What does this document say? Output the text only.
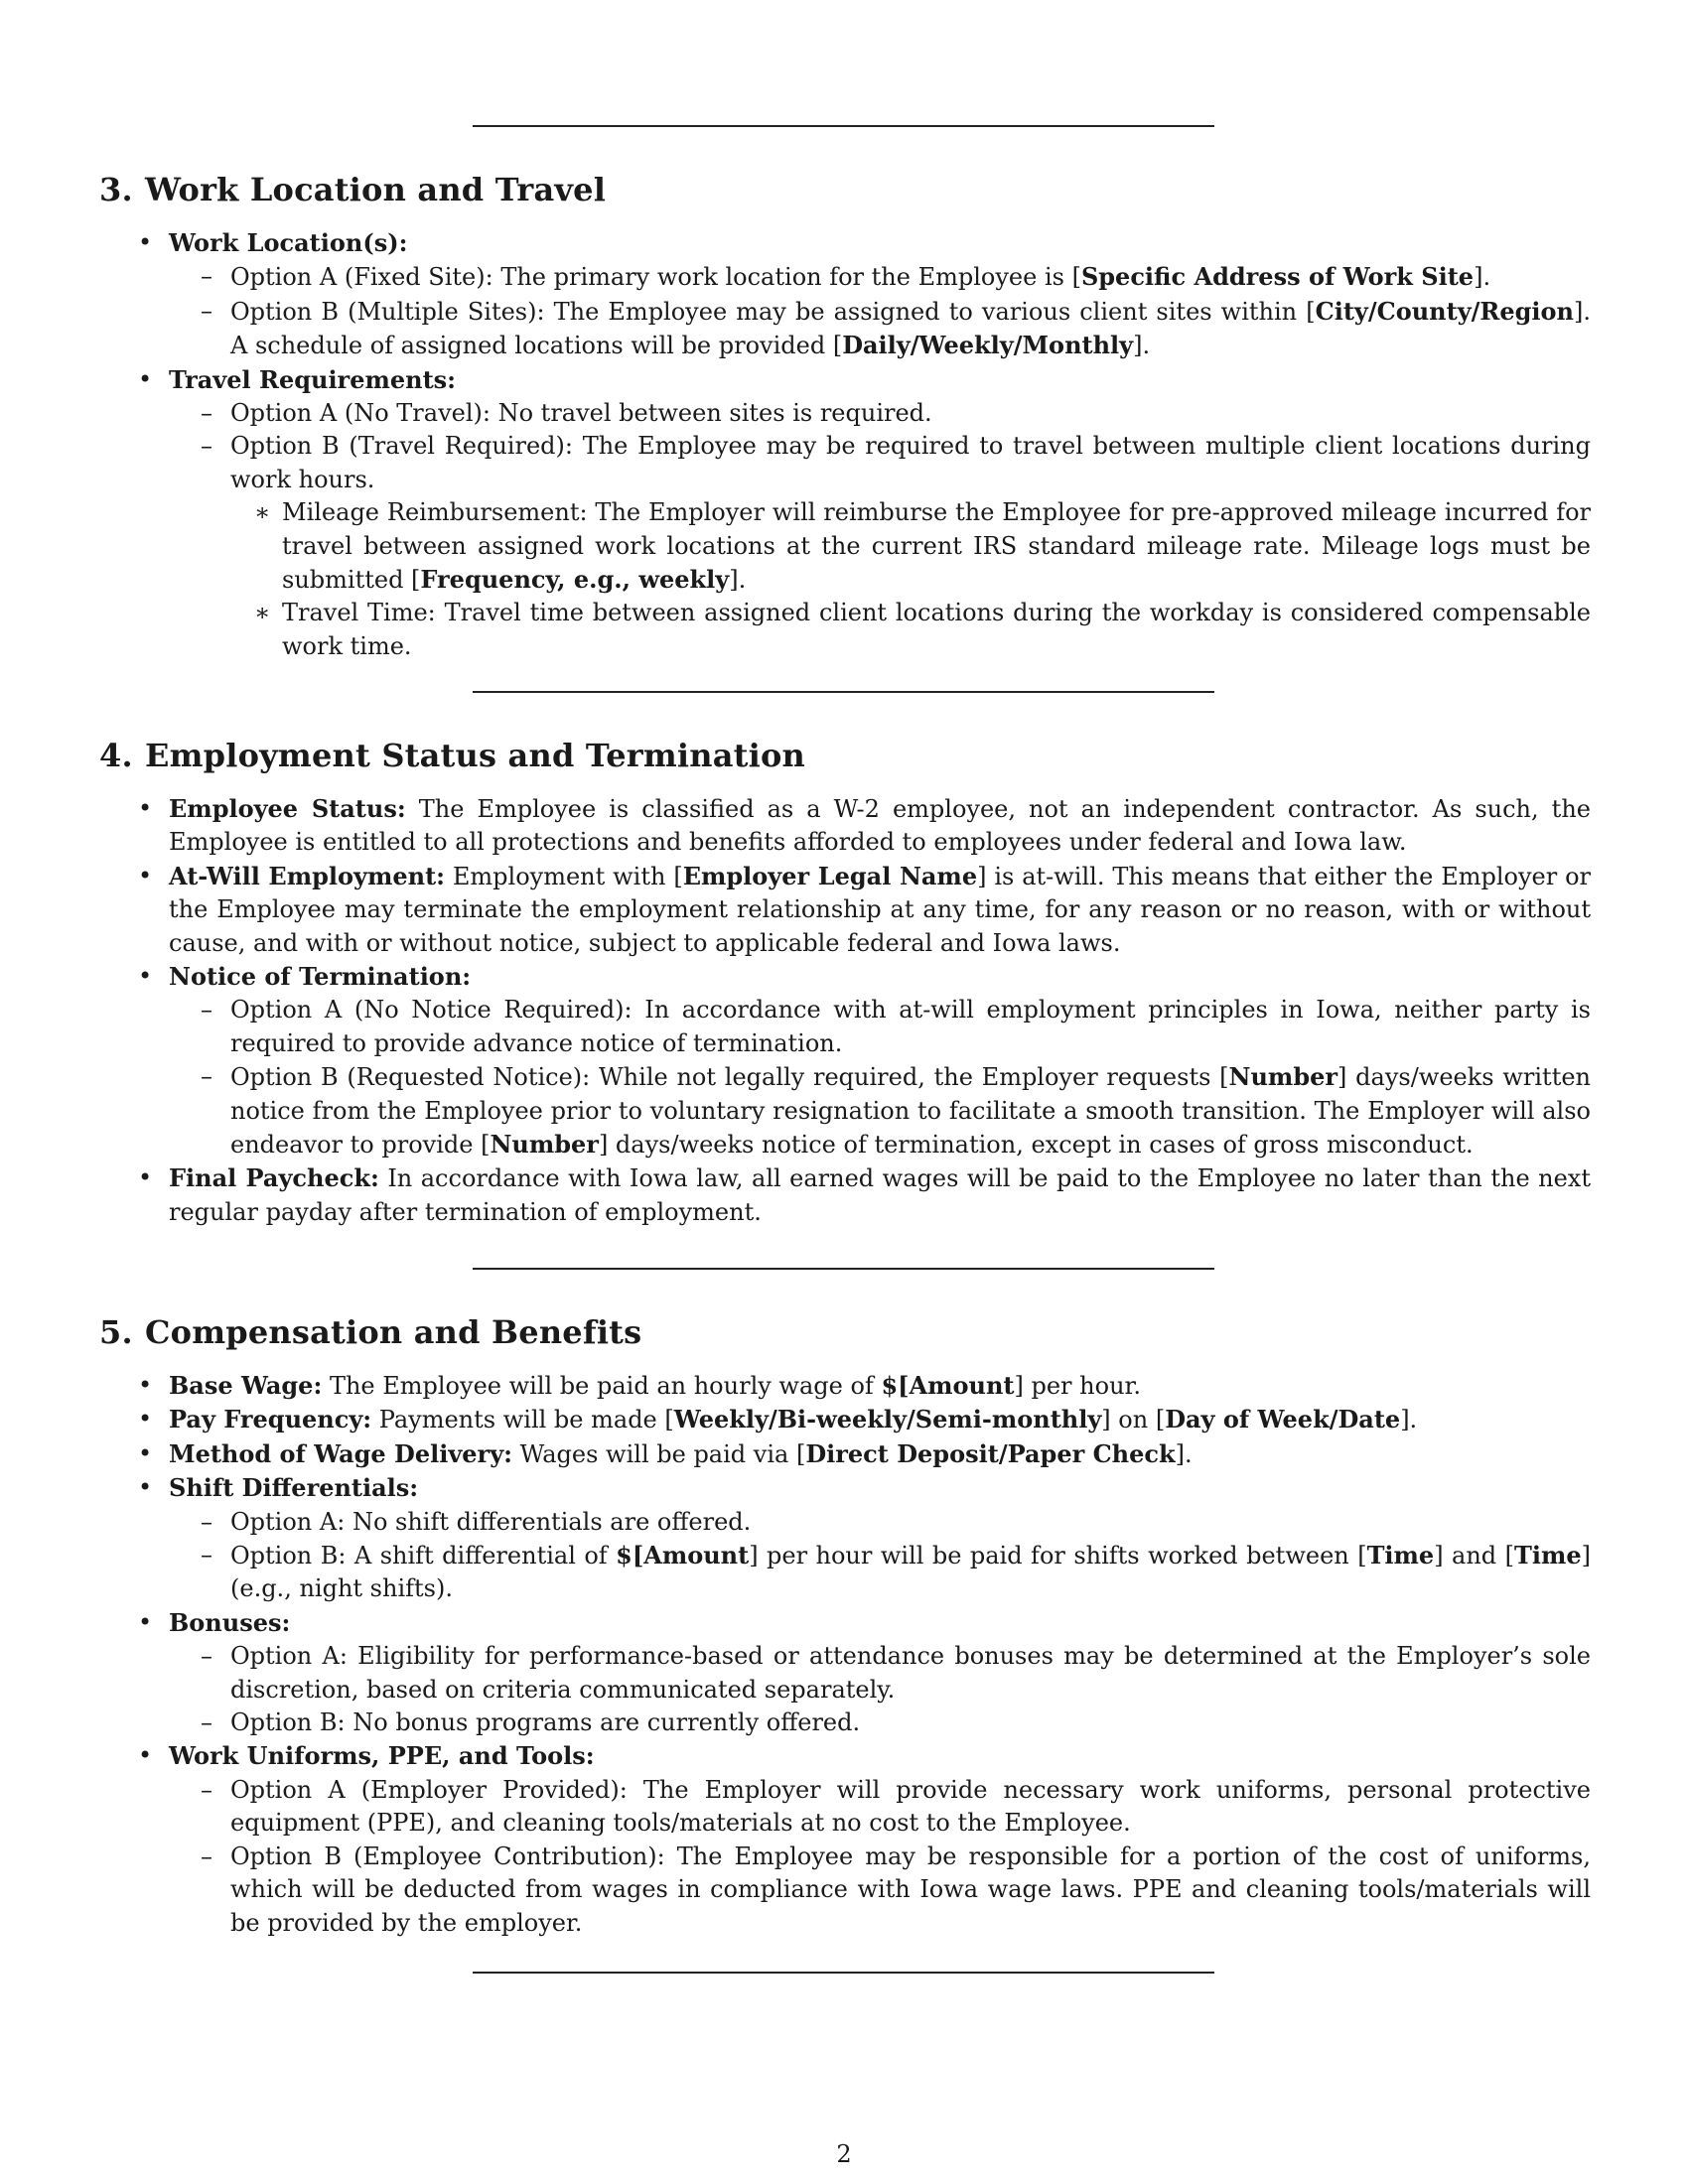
3. Work Location and Travel
• Work Location(s):
– Option A (Fixed Site): The primary work location for the Employee is [Specific Address of Work Site].
– Option B (Multiple Sites): The Employee may be assigned to various client sites within [City/County/Region]. A schedule of assigned locations will be provided [Daily/Weekly/Monthly].
• Travel Requirements:
– Option A (No Travel): No travel between sites is required.
– Option B (Travel Required): The Employee may be required to travel between multiple client locations during work hours.
∗ Mileage Reimbursement: The Employer will reimburse the Employee for pre-approved mileage incurred for travel between assigned work locations at the current IRS standard mileage rate. Mileage logs must be submitted [Frequency, e.g., weekly].
∗ Travel Time: Travel time between assigned client locations during the workday is considered compensable work time.
4. Employment Status and Termination
• Employee Status: The Employee is classified as a W-2 employee, not an independent contractor. As such, the Employee is entitled to all protections and benefits afforded to employees under federal and Iowa law.
• At-Will Employment: Employment with [Employer Legal Name] is at-will. This means that either the Employer or the Employee may terminate the employment relationship at any time, for any reason or no reason, with or without cause, and with or without notice, subject to applicable federal and Iowa laws.
• Notice of Termination:
– Option A (No Notice Required): In accordance with at-will employment principles in Iowa, neither party is required to provide advance notice of termination.
– Option B (Requested Notice): While not legally required, the Employer requests [Number] days/weeks written notice from the Employee prior to voluntary resignation to facilitate a smooth transition. The Employer will also endeavor to provide [Number] days/weeks notice of termination, except in cases of gross misconduct.
• Final Paycheck: In accordance with Iowa law, all earned wages will be paid to the Employee no later than the next regular payday after termination of employment.
5. Compensation and Benefits
• Base Wage: The Employee will be paid an hourly wage of $[Amount] per hour.
• Pay Frequency: Payments will be made [Weekly/Bi-weekly/Semi-monthly] on [Day of Week/Date].
• Method of Wage Delivery: Wages will be paid via [Direct Deposit/Paper Check].
• Shift Differentials:
– Option A: No shift differentials are offered.
– Option B: A shift differential of $[Amount] per hour will be paid for shifts worked between [Time] and [Time] (e.g., night shifts).
• Bonuses:
– Option A: Eligibility for performance-based or attendance bonuses may be determined at the Employer’s sole discretion, based on criteria communicated separately.
– Option B: No bonus programs are currently offered.
• Work Uniforms, PPE, and Tools:
– Option A (Employer Provided): The Employer will provide necessary work uniforms, personal protective equipment (PPE), and cleaning tools/materials at no cost to the Employee.
– Option B (Employee Contribution): The Employee may be responsible for a portion of the cost of uniforms, which will be deducted from wages in compliance with Iowa wage laws. PPE and cleaning tools/materials will be provided by the employer.
2
